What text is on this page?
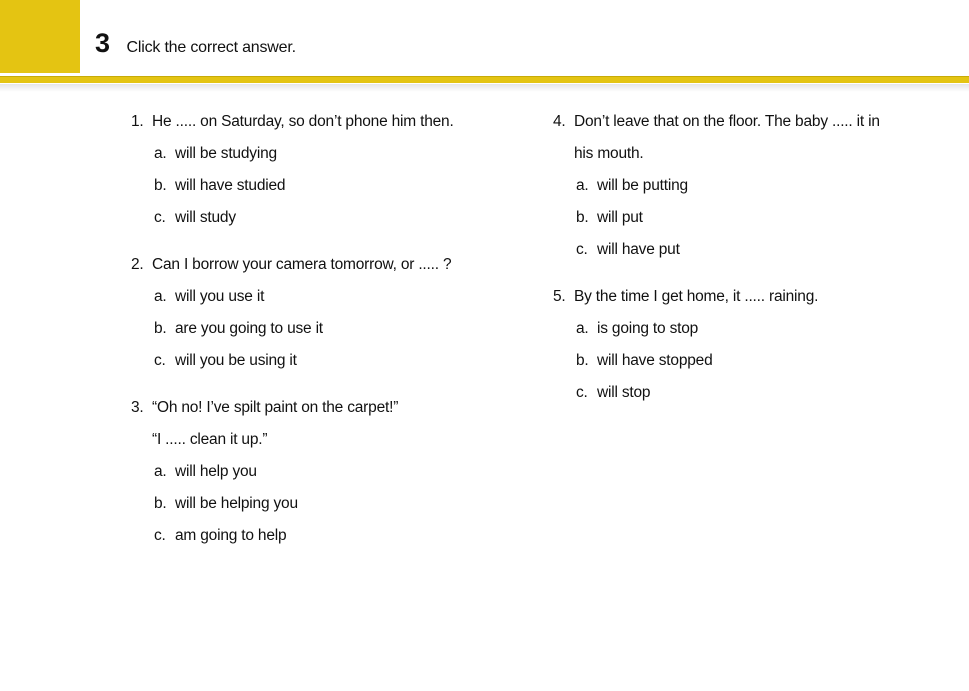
3 Click the correct answer.
1. He ..... on Saturday, so don’t phone him then.
a. will be studying
b. will have studied
c. will study
2. Can I borrow your camera tomorrow, or ..... ?
a. will you use it
b. are you going to use it
c. will you be using it
3. “Oh no! I’ve spilt paint on the carpet!”
“I ..... clean it up.”
a. will help you
b. will be helping you
c. am going to help
4. Don’t leave that on the floor. The baby ..... it in
his mouth.
a. will be putting
b. will put
c. will have put
5. By the time I get home, it ..... raining.
a. is going to stop
b. will have stopped
c. will stop
